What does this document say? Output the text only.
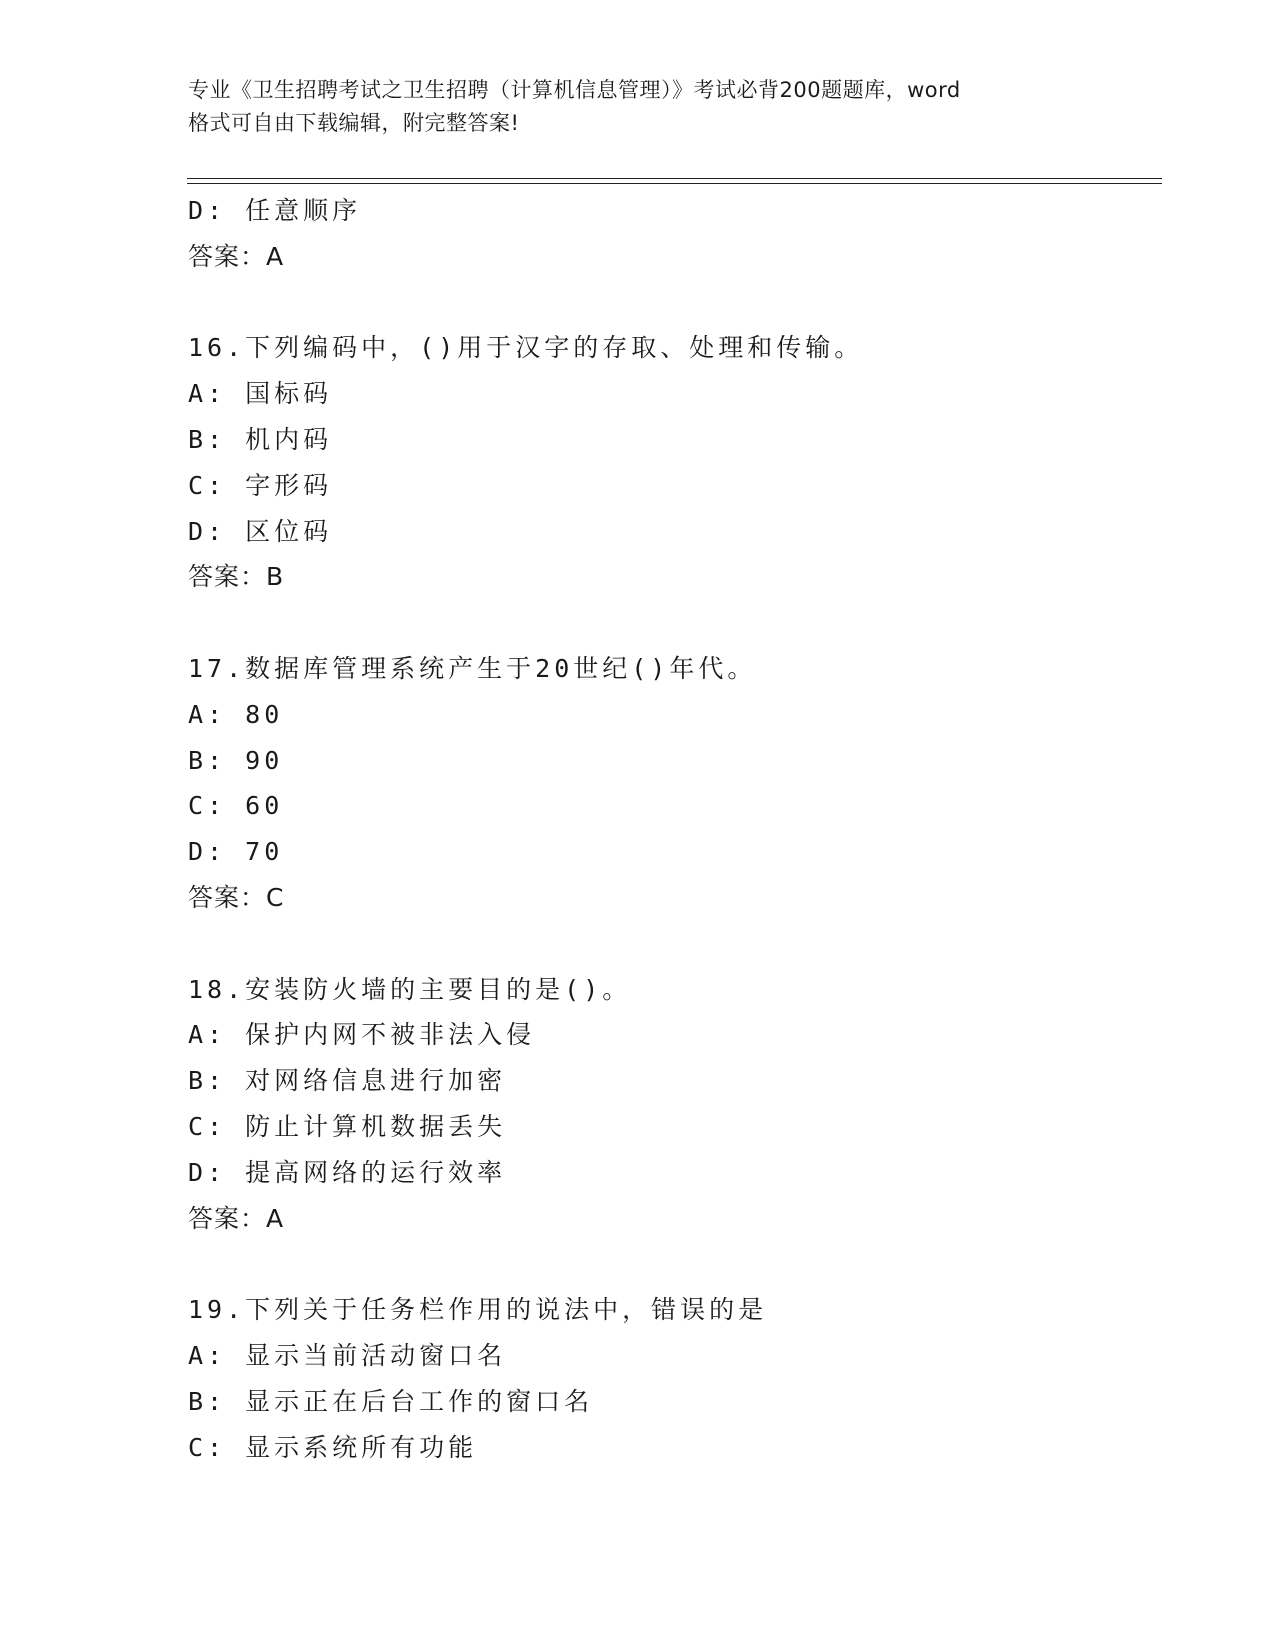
专业《卫生招聘考试之卫生招聘（计算机信息管理）》考试必背200题题库，word
格式可自由下载编辑，附完整答案!
D: 任意顺序
答案：A
16.下列编码中，()用于汉字的存取、处理和传输。
A: 国标码
B: 机内码
C: 字形码
D: 区位码
答案：B
17.数据库管理系统产生于20世纪()年代。
A: 80
B: 90
C: 60
D: 70
答案：C
18.安装防火墙的主要目的是()。
A: 保护内网不被非法入侵
B: 对网络信息进行加密
C: 防止计算机数据丢失
D: 提高网络的运行效率
答案：A
19.下列关于任务栏作用的说法中，错误的是
A: 显示当前活动窗口名
B: 显示正在后台工作的窗口名
C: 显示系统所有功能
